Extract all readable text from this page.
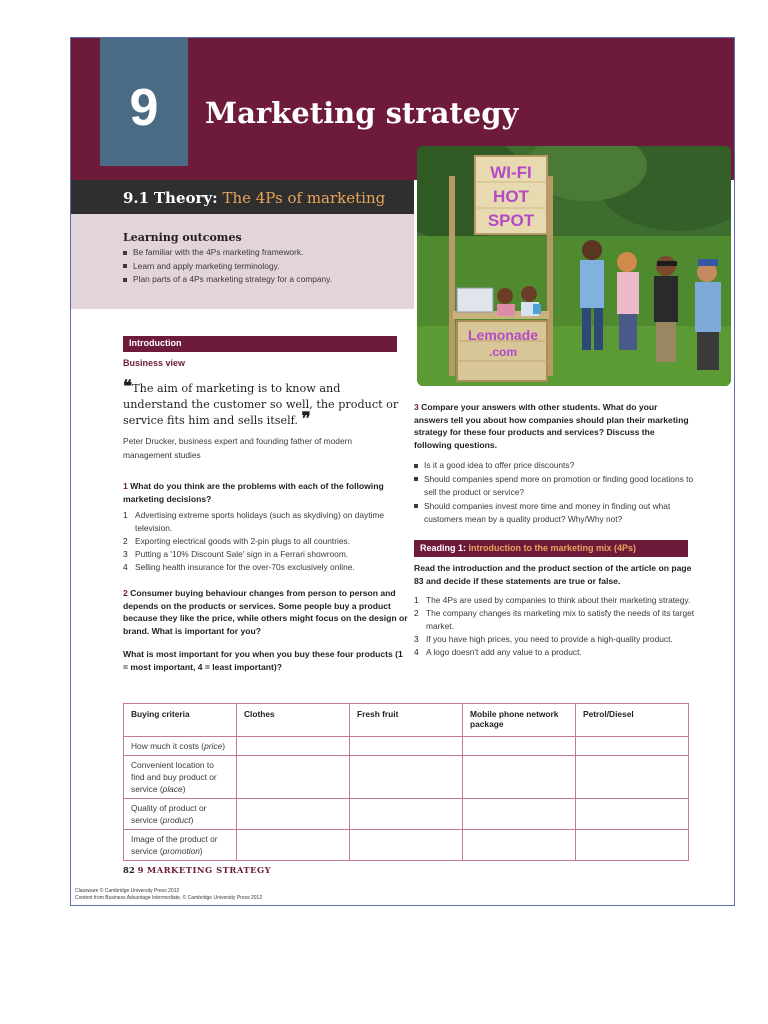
9	Marketing strategy
9.1 Theory: The 4Ps of marketing
Learning outcomes
Be familiar with the 4Ps marketing framework.
Learn and apply marketing terminology.
Plan parts of a 4Ps marketing strategy for a company.
WI-FI
HOT
SPOT
Lemonade
.com
Introduction
Business view

❝The aim of marketing is to know and understand the customer so well, the product or service fits him and sells itself. ❞

Peter Drucker, business expert and founding father of modern management studies
1 What do you think are the problems with each of the following marketing decisions?
1 Advertising extreme sports holidays (such as skydiving) on daytime television.
2 Exporting electrical goods with 2-pin plugs to all countries.
3 Putting a '10% Discount Sale' sign in a Ferrari showroom.
4 Selling health insurance for the over-70s exclusively online.
2 Consumer buying behaviour changes from person to person and depends on the products or services. Some people buy a product because they like the price, while others might focus on the design or brand. What is important for you?
What is most important for you when you buy these four products (1 = most important, 4 = least important)?
3 Compare your answers with other students. What do your answers tell you about how companies should plan their marketing strategy for these four products and services? Discuss the following questions.
Is it a good idea to offer price discounts?
Should companies spend more on promotion or finding good locations to sell the product or service?
Should companies invest more time and money in finding out what customers mean by a quality product? Why/Why not?
Reading 1: Introduction to the marketing mix (4Ps)
Read the introduction and the product section of the article on page 83 and decide if these statements are true or false.
1 The 4Ps are used by companies to think about their marketing strategy.
2 The company changes its marketing mix to satisfy the needs of its target market.
3 If you have high prices, you need to provide a high-quality product.
4 A logo doesn't add any value to a product.
Buying criteria	Clothes	Fresh fruit	Mobile phone network package	Petrol/Diesel
How much it costs (price)				
Convenient location to find and buy product or service (place)				
Quality of product or service (product)				
Image of the product or service (promotion)				
82 9 MARKETING STRATEGY
Classware © Cambridge University Press 2012
Content from Business Advantage Intermediate, © Cambridge University Press 2012
